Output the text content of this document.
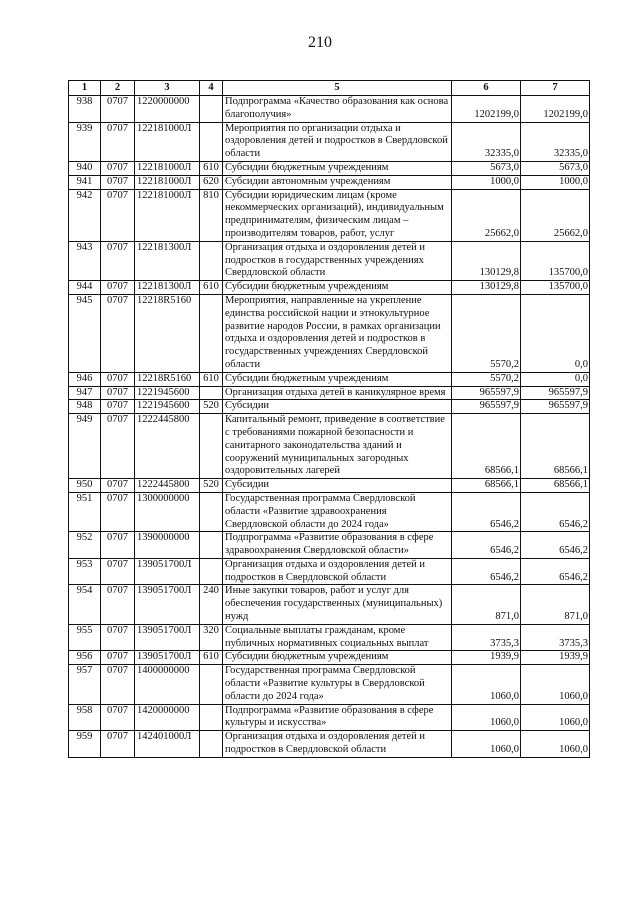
210
1	2	3	4	5	6	7
938	0707	1220000000		Подпрограмма «Качество образования как основа благополучия»	1202199,0	1202199,0
939	0707	122181000Л		Мероприятия по организации отдыха и оздоровления детей и подростков в Свердловской области	32335,0	32335,0
940	0707	122181000Л	610	Субсидии бюджетным учреждениям	5673,0	5673,0
941	0707	122181000Л	620	Субсидии автономным учреждениям	1000,0	1000,0
942	0707	122181000Л	810	Субсидии юридическим лицам (кроме некоммерческих организаций), индивидуальным предпринимателям, физическим лицам – производителям товаров, работ, услуг	25662,0	25662,0
943	0707	122181300Л		Организация отдыха и оздоровления детей и подростков в государственных учреждениях Свердловской области	130129,8	135700,0
944	0707	122181300Л	610	Субсидии бюджетным учреждениям	130129,8	135700,0
945	0707	12218R5160		Мероприятия, направленные на укрепление единства российской нации и этнокультурное развитие народов России, в рамках организации отдыха и оздоровления детей и подростков в государственных учреждениях Свердловской области	5570,2	0,0
946	0707	12218R5160	610	Субсидии бюджетным учреждениям	5570,2	0,0
947	0707	1221945600		Организация отдыха детей в каникулярное время	965597,9	965597,9
948	0707	1221945600	520	Субсидии	965597,9	965597,9
949	0707	1222445800		Капитальный ремонт, приведение в соответствие с требованиями пожарной безопасности и санитарного законодательства зданий и сооружений муниципальных загородных оздоровительных лагерей	68566,1	68566,1
950	0707	1222445800	520	Субсидии	68566,1	68566,1
951	0707	1300000000		Государственная программа Свердловской области «Развитие здравоохранения Свердловской области до 2024 года»	6546,2	6546,2
952	0707	1390000000		Подпрограмма «Развитие образования в сфере здравоохранения Свердловской области»	6546,2	6546,2
953	0707	139051700Л		Организация отдыха и оздоровления детей и подростков в Свердловской области	6546,2	6546,2
954	0707	139051700Л	240	Иные закупки товаров, работ и услуг для обеспечения государственных (муниципальных) нужд	871,0	871,0
955	0707	139051700Л	320	Социальные выплаты гражданам, кроме публичных нормативных социальных выплат	3735,3	3735,3
956	0707	139051700Л	610	Субсидии бюджетным учреждениям	1939,9	1939,9
957	0707	1400000000		Государственная программа Свердловской области «Развитие культуры в Свердловской области до 2024 года»	1060,0	1060,0
958	0707	1420000000		Подпрограмма «Развитие образования в сфере культуры и искусства»	1060,0	1060,0
959	0707	142401000Л		Организация отдыха и оздоровления детей и подростков в Свердловской области	1060,0	1060,0
